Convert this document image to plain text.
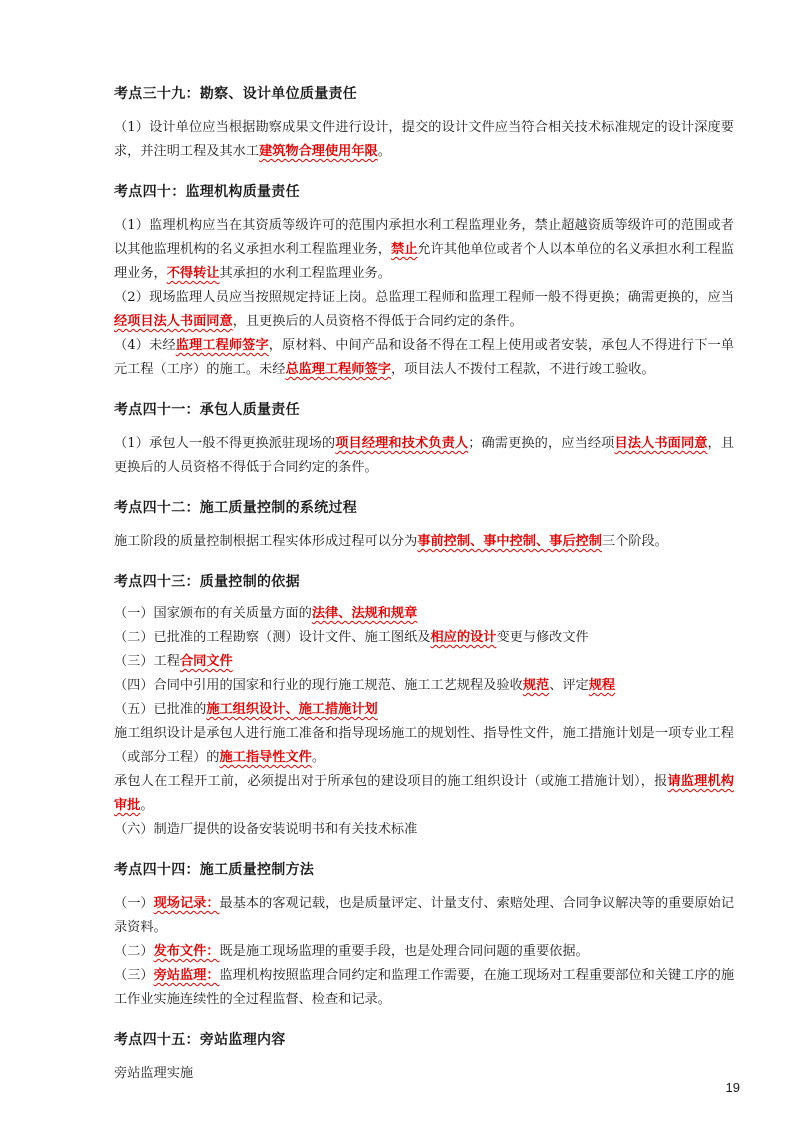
考点三十九：勘察、设计单位质量责任

（1）设计单位应当根据勘察成果文件进行设计，提交的设计文件应当符合相关技术标准规定的设计深度要求，并注明工程及其水工建筑物合理使用年限。

考点四十：监理机构质量责任

（1）监理机构应当在其资质等级许可的范围内承担水利工程监理业务，禁止超越资质等级许可的范围或者以其他监理机构的名义承担水利工程监理业务，禁止允许其他单位或者个人以本单位的名义承担水利工程监理业务，不得转让其承担的水利工程监理业务。

（2）现场监理人员应当按照规定持证上岗。总监理工程师和监理工程师一般不得更换；确需更换的，应当经项目法人书面同意，且更换后的人员资格不得低于合同约定的条件。

（4）未经监理工程师签字，原材料、中间产品和设备不得在工程上使用或者安装，承包人不得进行下一单元工程（工序）的施工。未经总监理工程师签字，项目法人不拨付工程款，不进行竣工验收。

考点四十一：承包人质量责任

（1）承包人一般不得更换派驻现场的项目经理和技术负责人；确需更换的，应当经项目法人书面同意，且更换后的人员资格不得低于合同约定的条件。

考点四十二：施工质量控制的系统过程

施工阶段的质量控制根据工程实体形成过程可以分为事前控制、事中控制、事后控制三个阶段。

考点四十三：质量控制的依据

（一）国家颁布的有关质量方面的法律、法规和规章

（二）已批准的工程勘察（测）设计文件、施工图纸及相应的设计变更与修改文件

（三）工程合同文件

（四）合同中引用的国家和行业的现行施工规范、施工工艺规程及验收规范、评定规程

（五）已批准的施工组织设计、施工措施计划

施工组织设计是承包人进行施工准备和指导现场施工的规划性、指导性文件，施工措施计划是一项专业工程（或部分工程）的施工指导性文件。

承包人在工程开工前，必须提出对于所承包的建设项目的施工组织设计（或施工措施计划），报请监理机构审批。

（六）制造厂提供的设备安装说明书和有关技术标准

考点四十四：施工质量控制方法

（一）现场记录：最基本的客观记载，也是质量评定、计量支付、索赔处理、合同争议解决等的重要原始记录资料。

（二）发布文件：既是施工现场监理的重要手段，也是处理合同问题的重要依据。

（三）旁站监理：监理机构按照监理合同约定和监理工作需要，在施工现场对工程重要部位和关键工序的施工作业实施连续性的全过程监督、检查和记录。

考点四十五：旁站监理内容

旁站监理实施

19
